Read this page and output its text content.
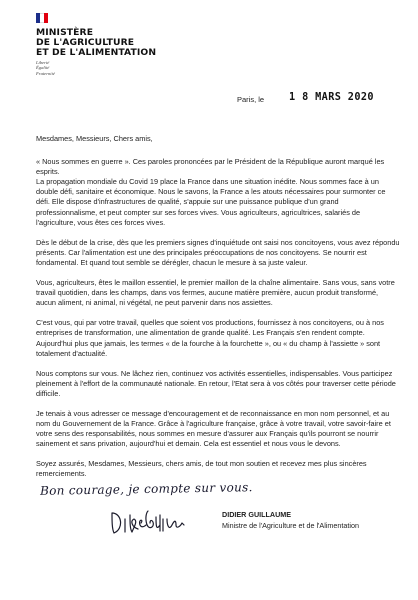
MINISTÈRE
DE L'AGRICULTURE
ET DE L'ALIMENTATION
Liberté
Égalité
Fraternité
Paris, le 1 8 MARS 2020

Mesdames, Messieurs, Chers amis,

« Nous sommes en guerre ». Ces paroles prononcées par le Président de la République auront marqué les esprits.

La propagation mondiale du Covid 19 place la France dans une situation inédite. Nous sommes face à un double défi, sanitaire et économique. Nous le savons, la France a les atouts nécessaires pour surmonter ce défi. Elle dispose d'infrastructures de qualité, s'appuie sur une puissance publique d'un grand professionnalisme, et peut compter sur ses forces vives. Vous agriculteurs, agricultrices, salariés de l'agriculture, vous êtes ces forces vives.

Dès le début de la crise, dès que les premiers signes d'inquiétude ont saisi nos concitoyens, vous avez répondu présents. Car l'alimentation est une des principales préoccupations de nos concitoyens. Se nourrir est fondamental. Et quand tout semble se dérégler, chacun le mesure à sa juste valeur.

Vous, agriculteurs, êtes le maillon essentiel, le premier maillon de la chaîne alimentaire. Sans vous, sans votre travail quotidien, dans les champs, dans vos fermes, aucune matière première, aucun produit transformé, aucun aliment, ni animal, ni végétal, ne peut parvenir dans nos assiettes.

C'est vous, qui par votre travail, quelles que soient vos productions, fournissez à nos concitoyens, ou à nos entreprises de transformation, une alimentation de grande qualité. Les Français s'en rendent compte. Aujourd'hui plus que jamais, les termes « de la fourche à la fourchette », ou « du champ à l'assiette » sont totalement d'actualité.

Nous comptons sur vous. Ne lâchez rien, continuez vos activités essentielles, indispensables. Vous participez pleinement à l'effort de la communauté nationale. En retour, l'Etat sera à vos côtés pour traverser cette période difficile.

Je tenais à vous adresser ce message d'encouragement et de reconnaissance en mon nom personnel, et au nom du Gouvernement de la France. Grâce à l'agriculture française, grâce à votre travail, votre savoir-faire et votre sens des responsabilités, nous sommes en mesure d'assurer aux Français qu'ils pourront se nourrir sainement et sans privation, aujourd'hui et demain. Cela est essentiel et nous vous le devons.

Soyez assurés, Mesdames, Messieurs, chers amis, de tout mon soutien et recevez mes plus sincères remerciements.

Bon courage, je compte sur vous.
DIDIER GUILLAUME
Ministre de l'Agriculture et de l'Alimentation
